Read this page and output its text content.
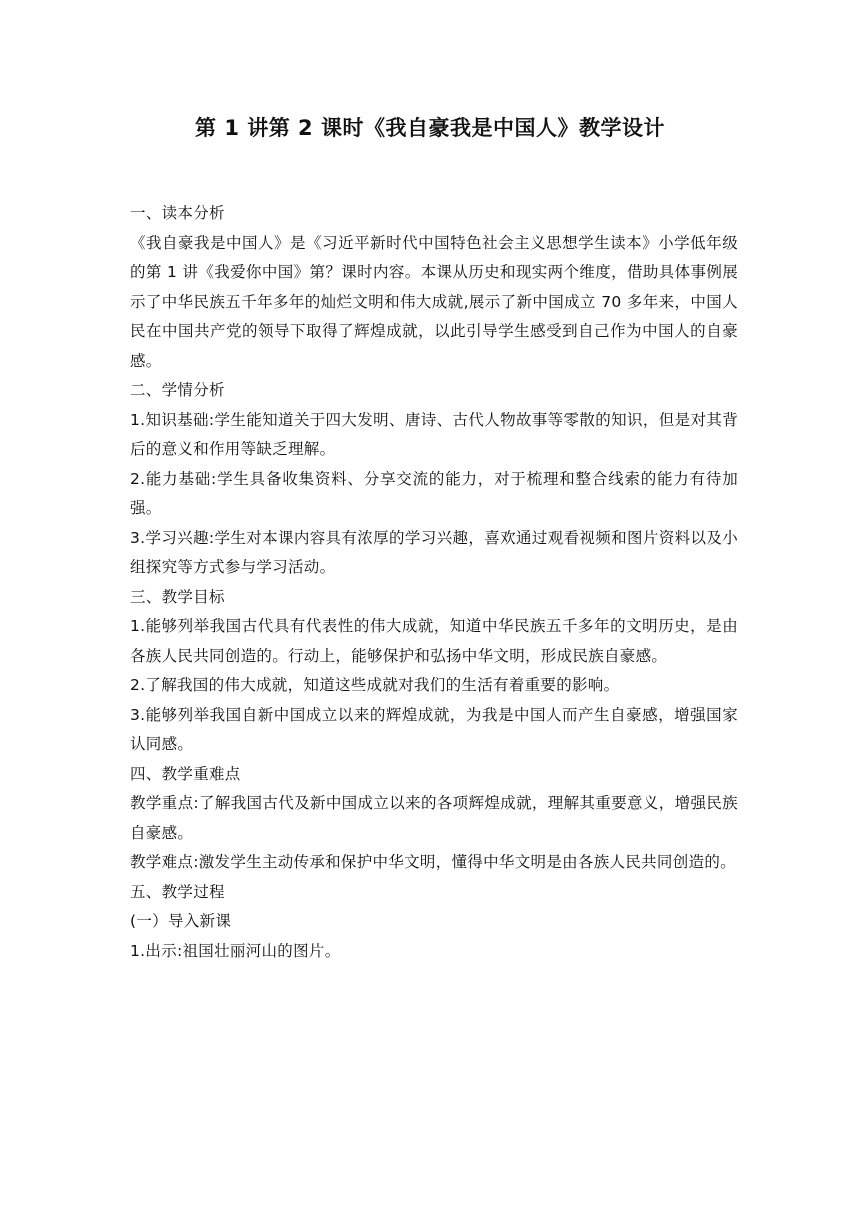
第 1 讲第 2 课时《我自豪我是中国人》教学设计

一、读本分析

《我自豪我是中国人》是《习近平新时代中国特色社会主义思想学生读本》小学低年级的第 1 讲《我爱你中国》第？课时内容。本课从历史和现实两个维度，借助具体事例展示了中华民族五千年多年的灿烂文明和伟大成就,展示了新中国成立 70 多年来，中国人民在中国共产党的领导下取得了辉煌成就，以此引导学生感受到自己作为中国人的自豪感。

二、学情分析

1.知识基础:学生能知道关于四大发明、唐诗、古代人物故事等零散的知识，但是对其背后的意义和作用等缺乏理解。

2.能力基础:学生具备收集资料、分享交流的能力，对于梳理和整合线索的能力有待加强。

3.学习兴趣:学生对本课内容具有浓厚的学习兴趣，喜欢通过观看视频和图片资料以及小组探究等方式参与学习活动。

三、教学目标

1.能够列举我国古代具有代表性的伟大成就，知道中华民族五千多年的文明历史，是由各族人民共同创造的。行动上，能够保护和弘扬中华文明，形成民族自豪感。

2.了解我国的伟大成就，知道这些成就对我们的生活有着重要的影响。

3.能够列举我国自新中国成立以来的辉煌成就，为我是中国人而产生自豪感，增强国家认同感。

四、教学重难点

教学重点:了解我国古代及新中国成立以来的各项辉煌成就，理解其重要意义，增强民族自豪感。

教学难点:激发学生主动传承和保护中华文明，懂得中华文明是由各族人民共同创造的。

五、教学过程

(一）导入新课

1.出示:祖国壮丽河山的图片。
